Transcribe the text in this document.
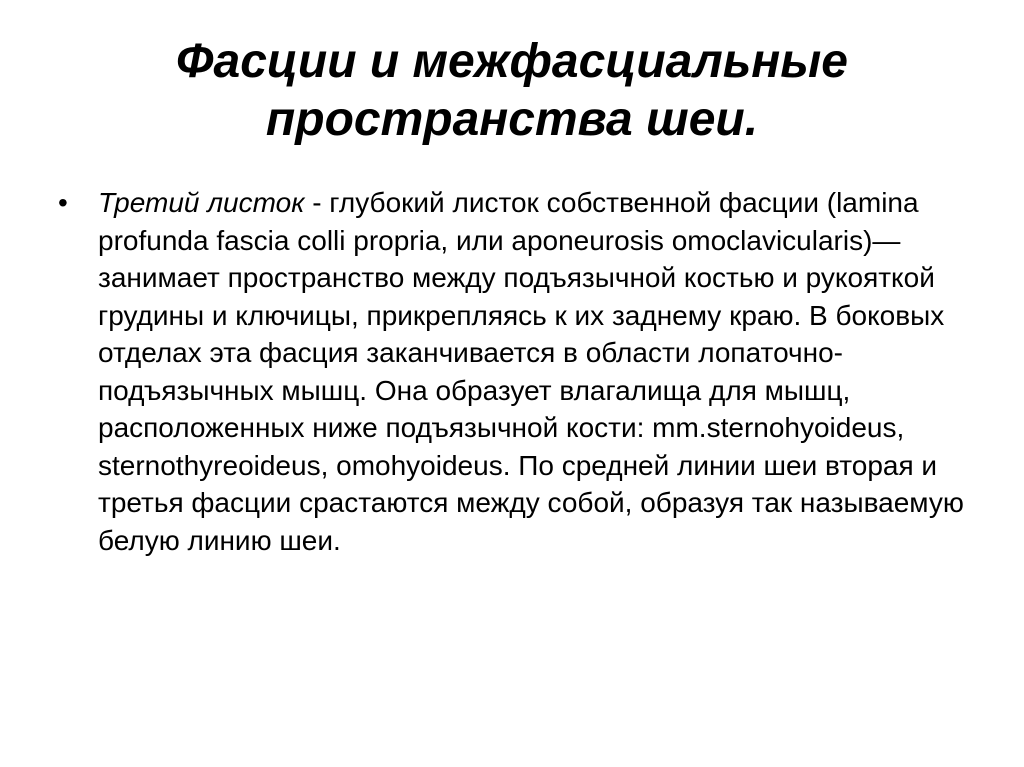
Фасции и межфасциальные пространства шеи.
• Третий листок - глубокий листок собственной фасции (lamina profunda fascia colli propria, или aponeurosis omoclavicularis)— занимает пространство между подъязычной костью и рукояткой грудины и ключицы, прикрепляясь к их заднему краю. В боковых отделах эта фасция заканчивается в области лопаточно-подъязычных мышц. Она образует влагалища для мышц, расположенных ниже подъязычной кости: mm.sternohyoideus, sternothyreoideus, omohyoideus. По средней линии шеи вторая и третья фасции срастаются между собой, образуя так называемую белую линию шеи.
